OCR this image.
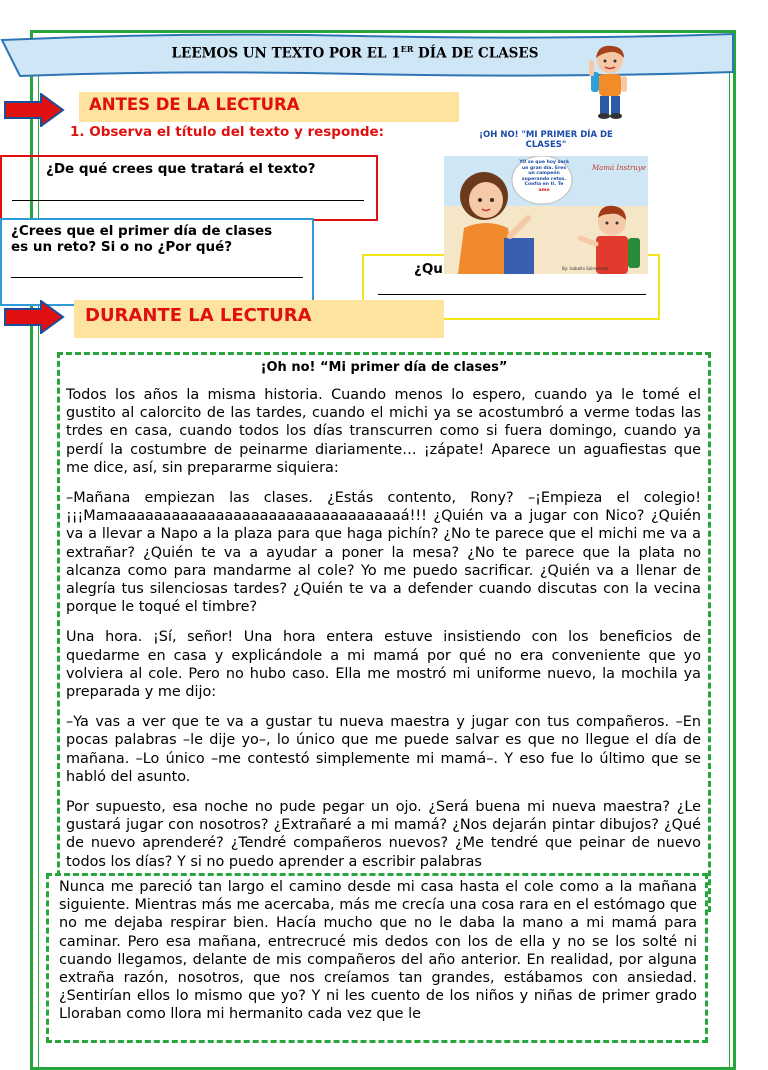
LEEMOS UN TEXTO POR EL 1ER DÍA DE CLASES
ANTES DE LA LECTURA
1. Observa el título del texto y responde:
¿De qué crees que tratará el texto?
¿Crees que el primer día de clases
es un reto? Si o no ¿Por qué?
¿Qu
¡OH NO! "MI PRIMER DÍA DE
CLASES"
YO se que hoy será
un gran día. Eres
un campeón
superando retos.
Confía en ti. Te
amo
Mamá Instruye
By: Isabella Salmonelly
DURANTE LA LECTURA
¡Oh no! “Mi primer día de clases”

Todos los años la misma historia. Cuando menos lo espero, cuando ya le tomé el gustito al calorcito de las tardes, cuando el michi ya se acostumbró a verme todas las trdes en casa, cuando todos los días transcurren como si fuera domingo, cuando ya perdí la costumbre de peinarme diariamente… ¡zápate! Aparece un aguafiestas que me dice, así, sin prepararme siquiera:

–Mañana empiezan las clases. ¿Estás contento, Rony? –¡Empieza el colegio! ¡¡¡Mamaaaaaaaaaaaaaaaaaaaaaaaaaaaaaaaaá!!! ¿Quién va a jugar con Nico? ¿Quién va a llevar a Napo a la plaza para que haga pichín? ¿No te parece que el michi me va a extrañar? ¿Quién te va a ayudar a poner la mesa? ¿No te parece que la plata no alcanza como para mandarme al cole? Yo me puedo sacrificar. ¿Quién va a llenar de alegría tus silenciosas tardes? ¿Quién te va a defender cuando discutas con la vecina porque le toqué el timbre?

Una hora. ¡Sí, señor! Una hora entera estuve insistiendo con los beneficios de quedarme en casa y explicándole a mi mamá por qué no era conveniente que yo volviera al cole. Pero no hubo caso. Ella me mostró mi uniforme nuevo, la mochila ya preparada y me dijo:

–Ya vas a ver que te va a gustar tu nueva maestra y jugar con tus compañeros. –En pocas palabras –le dije yo–, lo único que me puede salvar es que no llegue el día de mañana. –Lo único –me contestó simplemente mi mamá–. Y eso fue lo último que se habló del asunto.

Por supuesto, esa noche no pude pegar un ojo. ¿Será buena mi nueva maestra? ¿Le gustará jugar con nosotros? ¿Extrañaré a mi mamá? ¿Nos dejarán pintar dibujos? ¿Qué de nuevo aprenderé? ¿Tendré compañeros nuevos? ¿Me tendré que peinar de nuevo todos los días? Y si no puedo aprender a escribir palabras

Nunca me pareció tan largo el camino desde mi casa hasta el cole como a la mañana siguiente. Mientras más me acercaba, más me crecía una cosa rara en el estómago que no me dejaba respirar bien. Hacía mucho que no le daba la mano a mi mamá para caminar. Pero esa mañana, entrecrucé mis dedos con los de ella y no se los solté ni cuando llegamos, delante de mis compañeros del año anterior. En realidad, por alguna extraña razón, nosotros, que nos creíamos tan grandes, estábamos con ansiedad. ¿Sentirían ellos lo mismo que yo? Y ni les cuento de los niños y niñas de primer grado Lloraban como llora mi hermanito cada vez que le
